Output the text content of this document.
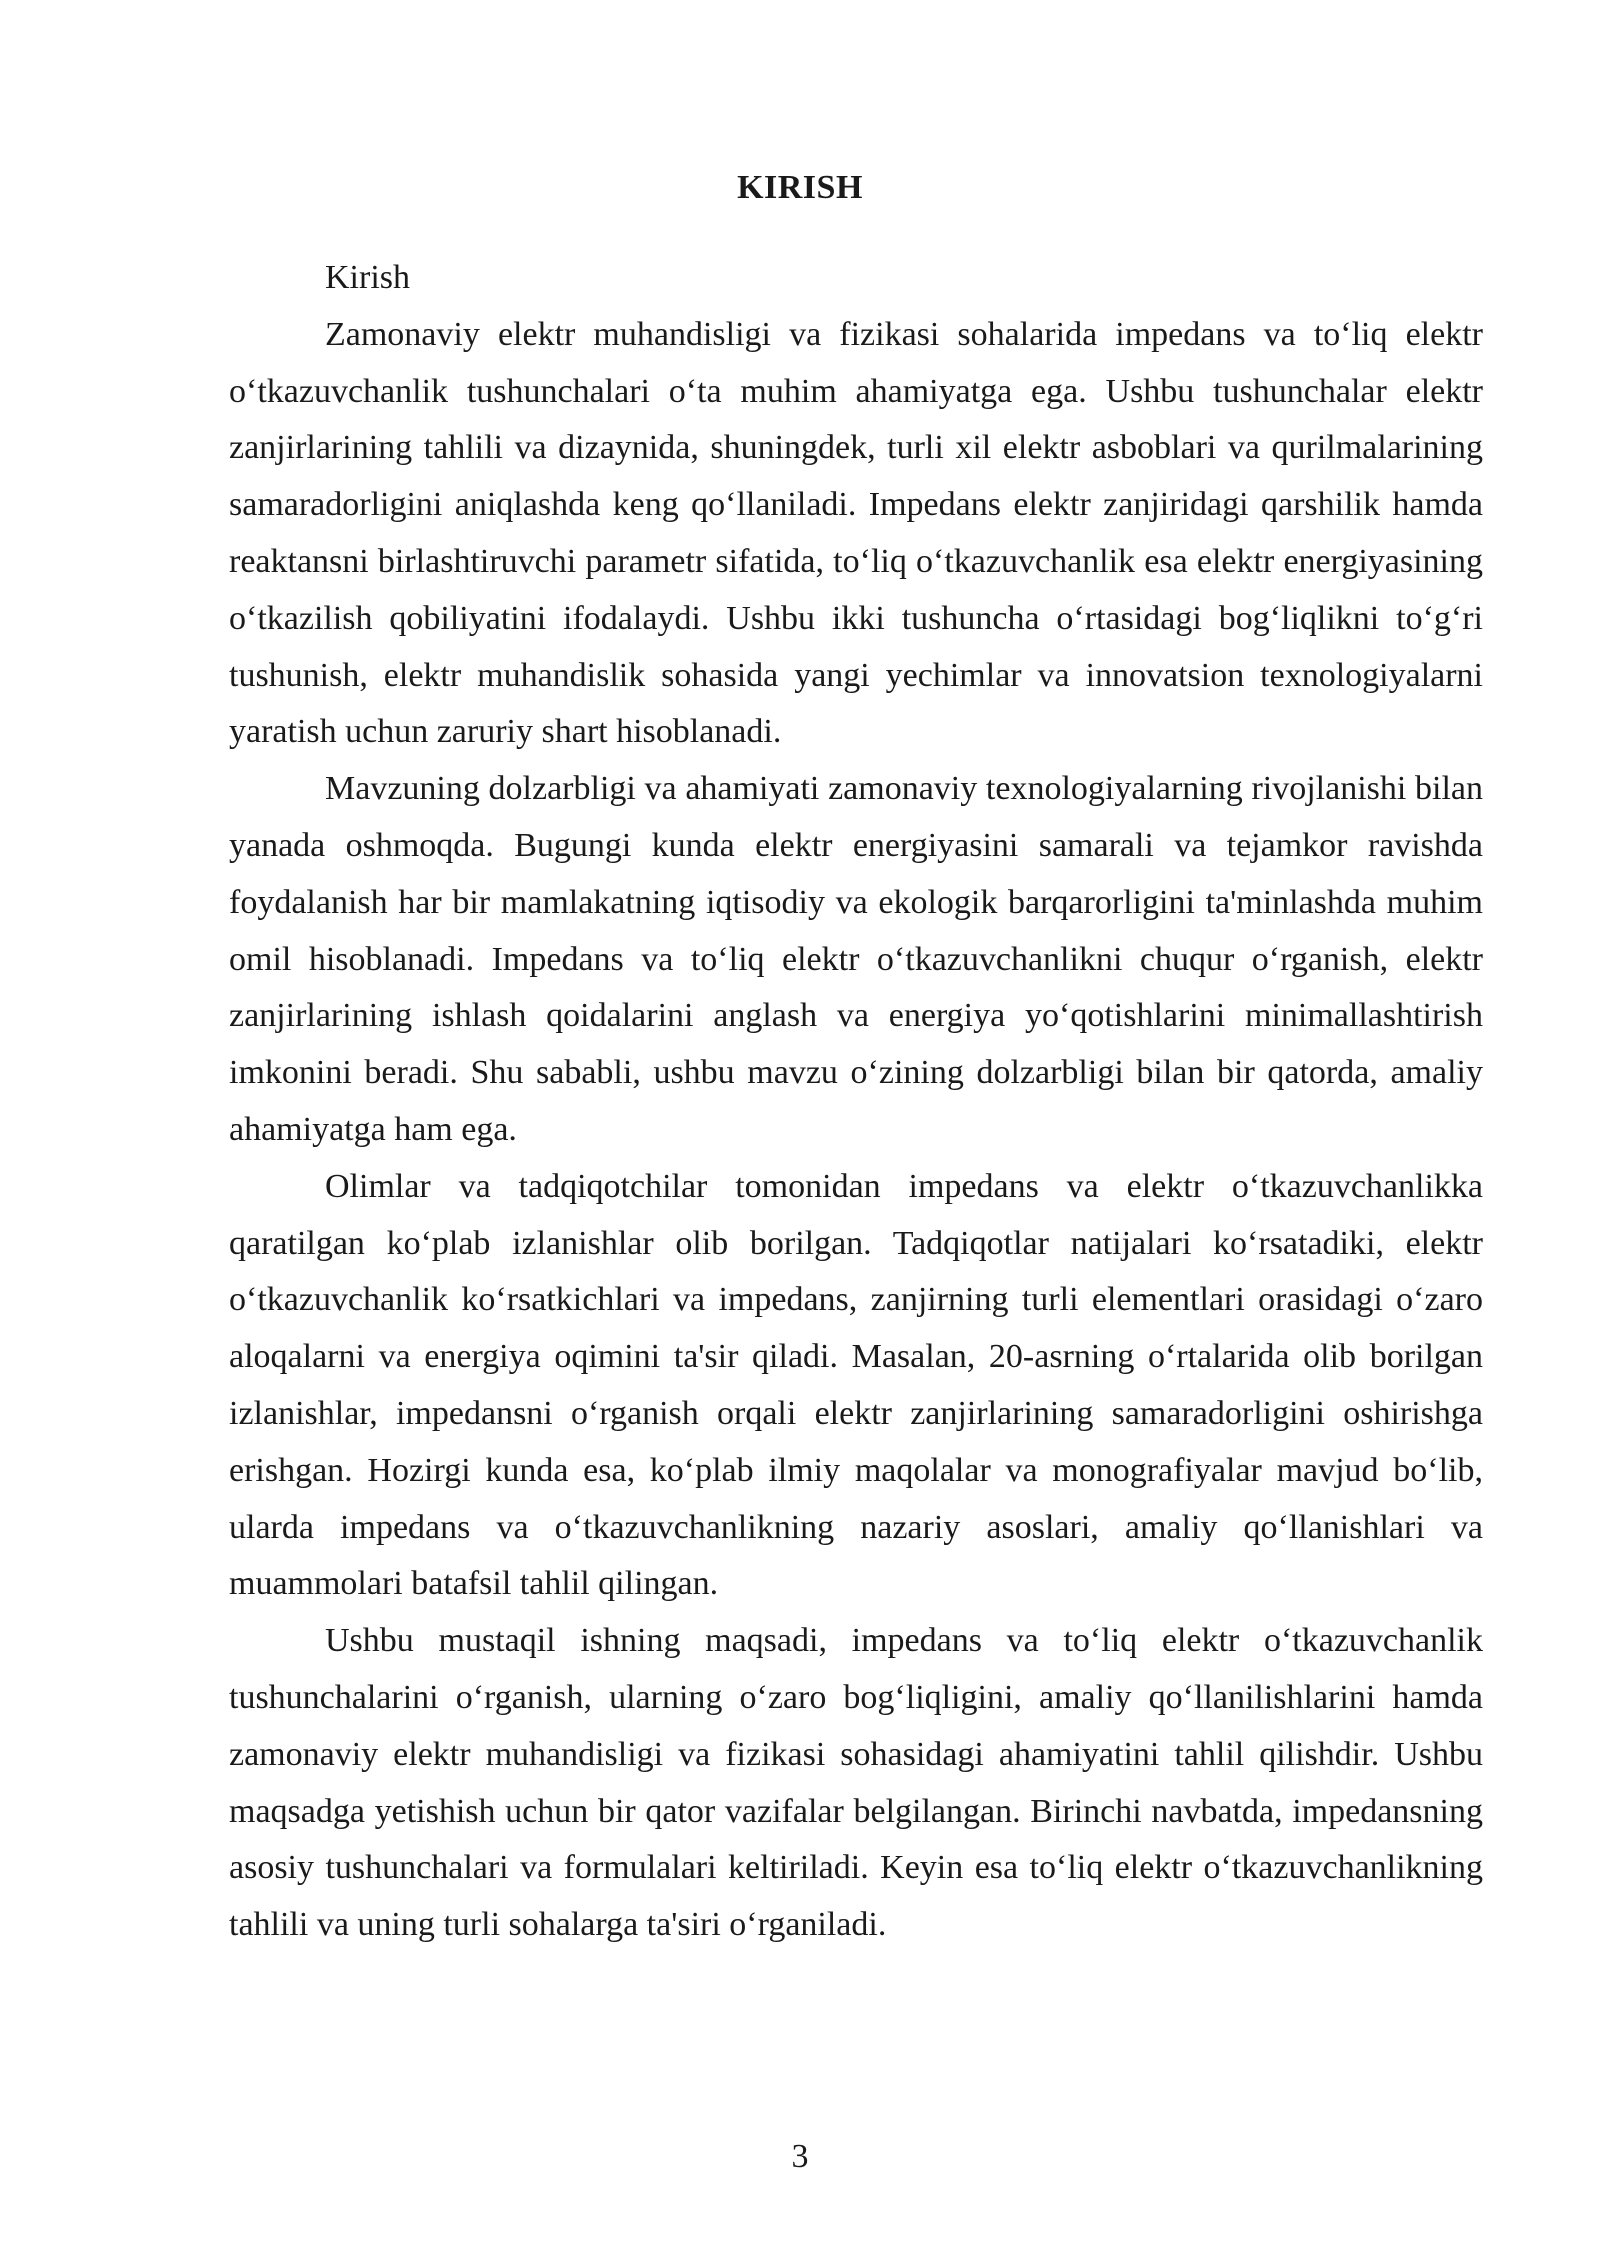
KIRISH

Kirish

Zamonaviy elektr muhandisligi va fizikasi sohalarida impedans va to‘liq elektr o‘tkazuvchanlik tushunchalari o‘ta muhim ahamiyatga ega. Ushbu tushunchalar elektr zanjirlarining tahlili va dizaynida, shuningdek, turli xil elektr asboblari va qurilmalarining samaradorligini aniqlashda keng qo‘llaniladi. Impedans elektr zanjiridagi qarshilik hamda reaktansni birlashtiruvchi parametr sifatida, to‘liq o‘tkazuvchanlik esa elektr energiyasining o‘tkazilish qobiliyatini ifodalaydi. Ushbu ikki tushuncha o‘rtasidagi bog‘liqlikni to‘g‘ri tushunish, elektr muhandislik sohasida yangi yechimlar va innovatsion texnologiyalarni yaratish uchun zaruriy shart hisoblanadi.

Mavzuning dolzarbligi va ahamiyati zamonaviy texnologiyalarning rivojlanishi bilan yanada oshmoqda. Bugungi kunda elektr energiyasini samarali va tejamkor ravishda foydalanish har bir mamlakatning iqtisodiy va ekologik barqarorligini ta'minlashda muhim omil hisoblanadi. Impedans va to‘liq elektr o‘tkazuvchanlikni chuqur o‘rganish, elektr zanjirlarining ishlash qoidalarini anglash va energiya yo‘qotishlarini minimallashtirish imkonini beradi. Shu sababli, ushbu mavzu o‘zining dolzarbligi bilan bir qatorda, amaliy ahamiyatga ham ega.

Olimlar va tadqiqotchilar tomonidan impedans va elektr o‘tkazuvchanlikka qaratilgan ko‘plab izlanishlar olib borilgan. Tadqiqotlar natijalari ko‘rsatadiki, elektr o‘tkazuvchanlik ko‘rsatkichlari va impedans, zanjirning turli elementlari orasidagi o‘zaro aloqalarni va energiya oqimini ta'sir qiladi. Masalan, 20-asrning o‘rtalarida olib borilgan izlanishlar, impedansni o‘rganish orqali elektr zanjirlarining samaradorligini oshirishga erishgan. Hozirgi kunda esa, ko‘plab ilmiy maqolalar va monografiyalar mavjud bo‘lib, ularda impedans va o‘tkazuvchanlikning nazariy asoslari, amaliy qo‘llanishlari va muammolari batafsil tahlil qilingan.

Ushbu mustaqil ishning maqsadi, impedans va to‘liq elektr o‘tkazuvchanlik tushunchalarini o‘rganish, ularning o‘zaro bog‘liqligini, amaliy qo‘llanilishlarini hamda zamonaviy elektr muhandisligi va fizikasi sohasidagi ahamiyatini tahlil qilishdir. Ushbu maqsadga yetishish uchun bir qator vazifalar belgilangan. Birinchi navbatda, impedansning asosiy tushunchalari va formulalari keltiriladi. Keyin esa to‘liq elektr o‘tkazuvchanlikning tahlili va uning turli sohalarga ta'siri o‘rganiladi.

3
